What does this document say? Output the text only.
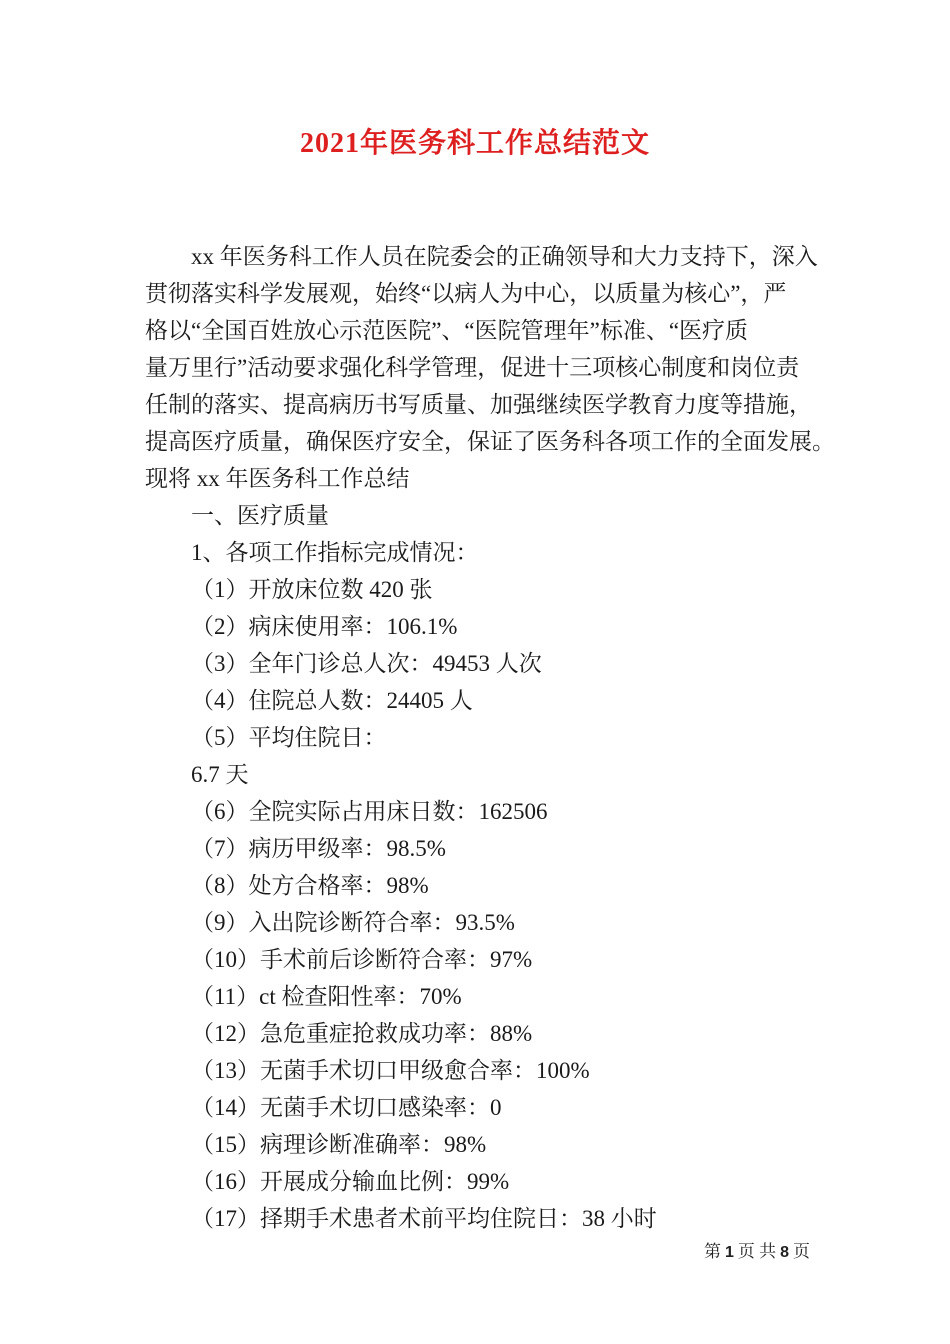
2021年医务科工作总结范文
xx 年医务科工作人员在院委会的正确领导和大力支持下，深入
贯彻落实科学发展观，始终“以病人为中心，以质量为核心”，严
格以“全国百姓放心示范医院”、“医院管理年”标准、“医疗质
量万里行”活动要求强化科学管理，促进十三项核心制度和岗位责
任制的落实、提高病历书写质量、加强继续医学教育力度等措施，
提高医疗质量，确保医疗安全，保证了医务科各项工作的全面发展。
现将 xx 年医务科工作总结
一、医疗质量
1、各项工作指标完成情况：
（1）开放床位数 420 张
（2）病床使用率：106.1%
（3）全年门诊总人次：49453 人次
（4）住院总人数：24405 人
（5）平均住院日：
6.7 天
（6）全院实际占用床日数：162506
（7）病历甲级率：98.5%
（8）处方合格率：98%
（9）入出院诊断符合率：93.5%
（10）手术前后诊断符合率：97%
（11）ct 检查阳性率：70%
（12）急危重症抢救成功率：88%
（13）无菌手术切口甲级愈合率：100%
（14）无菌手术切口感染率：0
（15）病理诊断准确率：98%
（16）开展成分输血比例：99%
（17）择期手术患者术前平均住院日：38 小时
第 1 页 共 8 页
